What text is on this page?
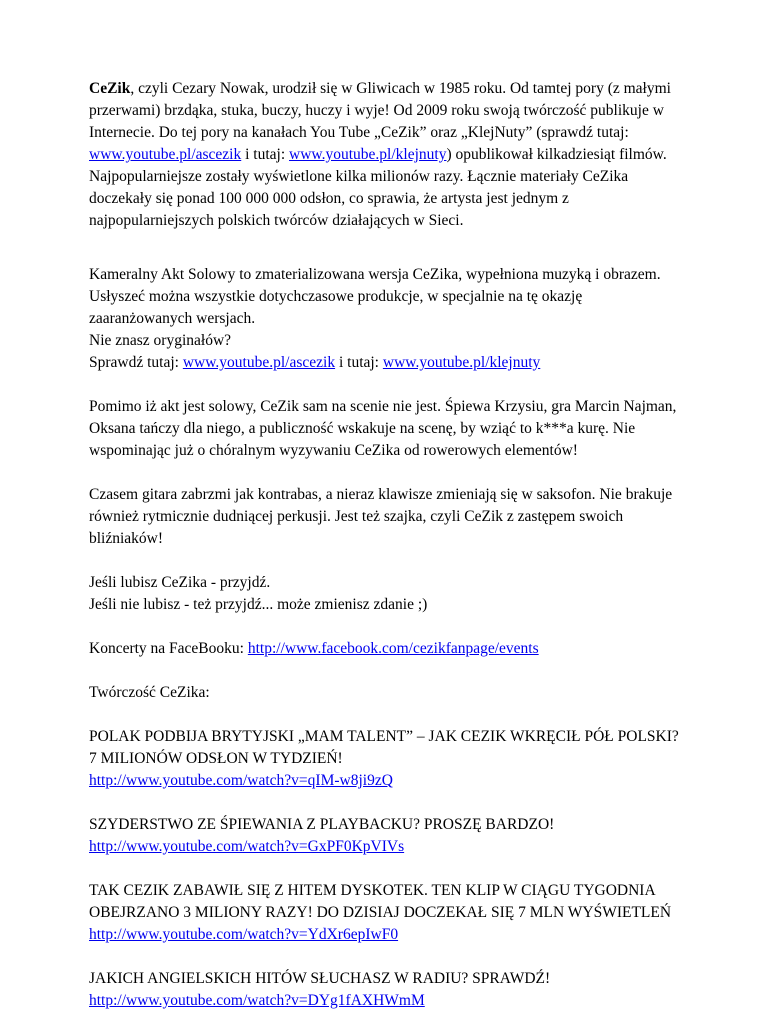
CeZik, czyli Cezary Nowak, urodził się w Gliwicach w 1985 roku. Od tamtej pory (z małymi przerwami) brzdąka, stuka, buczy, huczy i wyje! Od 2009 roku swoją twórczość publikuje w Internecie. Do tej pory na kanałach You Tube „CeZik” oraz „KlejNuty” (sprawdź tutaj: www.youtube.pl/ascezik i tutaj: www.youtube.pl/klejnuty) opublikował kilkadziesiąt filmów. Najpopularniejsze zostały wyświetlone kilka milionów razy. Łącznie materiały CeZika doczekały się ponad 100 000 000 odsłon, co sprawia, że artysta jest jednym z najpopularniejszych polskich twórców działających w Sieci.

Kameralny Akt Solowy to zmaterializowana wersja CeZika, wypełniona muzyką i obrazem. Usłyszeć można wszystkie dotychczasowe produkcje, w specjalnie na tę okazję zaaranżowanych wersjach.
Nie znasz oryginałów?
Sprawdź tutaj: www.youtube.pl/ascezik i tutaj: www.youtube.pl/klejnuty

Pomimo iż akt jest solowy, CeZik sam na scenie nie jest. Śpiewa Krzysiu, gra Marcin Najman, Oksana tańczy dla niego, a publiczność wskakuje na scenę, by wziąć to k***a kurę. Nie wspominając już o chóralnym wyzywaniu CeZika od rowerowych elementów!

Czasem gitara zabrzmi jak kontrabas, a nieraz klawisze zmieniają się w saksofon. Nie brakuje również rytmicznie dudniącej perkusji. Jest też szajka, czyli CeZik z zastępem swoich bliźniaków!

Jeśli lubisz CeZika - przyjdź.
Jeśli nie lubisz - też przyjdź... może zmienisz zdanie ;)

Koncerty na FaceBooku: http://www.facebook.com/cezikfanpage/events

Twórczość CeZika:

POLAK PODBIJA BRYTYJSKI „MAM TALENT” – JAK CEZIK WKRĘCIŁ PÓŁ POLSKI? 7 MILIONÓW ODSŁON W TYDZIEŃ!
http://www.youtube.com/watch?v=qIM-w8ji9zQ

SZYDERSTWO ZE ŚPIEWANIA Z PLAYBACKU? PROSZĘ BARDZO!
http://www.youtube.com/watch?v=GxPF0KpVIVs

TAK CEZIK ZABAWIŁ SIĘ Z HITEM DYSKOTEK. TEN KLIP W CIĄGU TYGODNIA OBEJRZANO 3 MILIONY RAZY! DO DZISIAJ DOCZEKAŁ SIĘ 7 MLN WYŚWIETLEŃ
http://www.youtube.com/watch?v=YdXr6epIwF0

JAKICH ANGIELSKICH HITÓW SŁUCHASZ W RADIU? SPRAWDŹ!
http://www.youtube.com/watch?v=DYg1fAXHWmM
